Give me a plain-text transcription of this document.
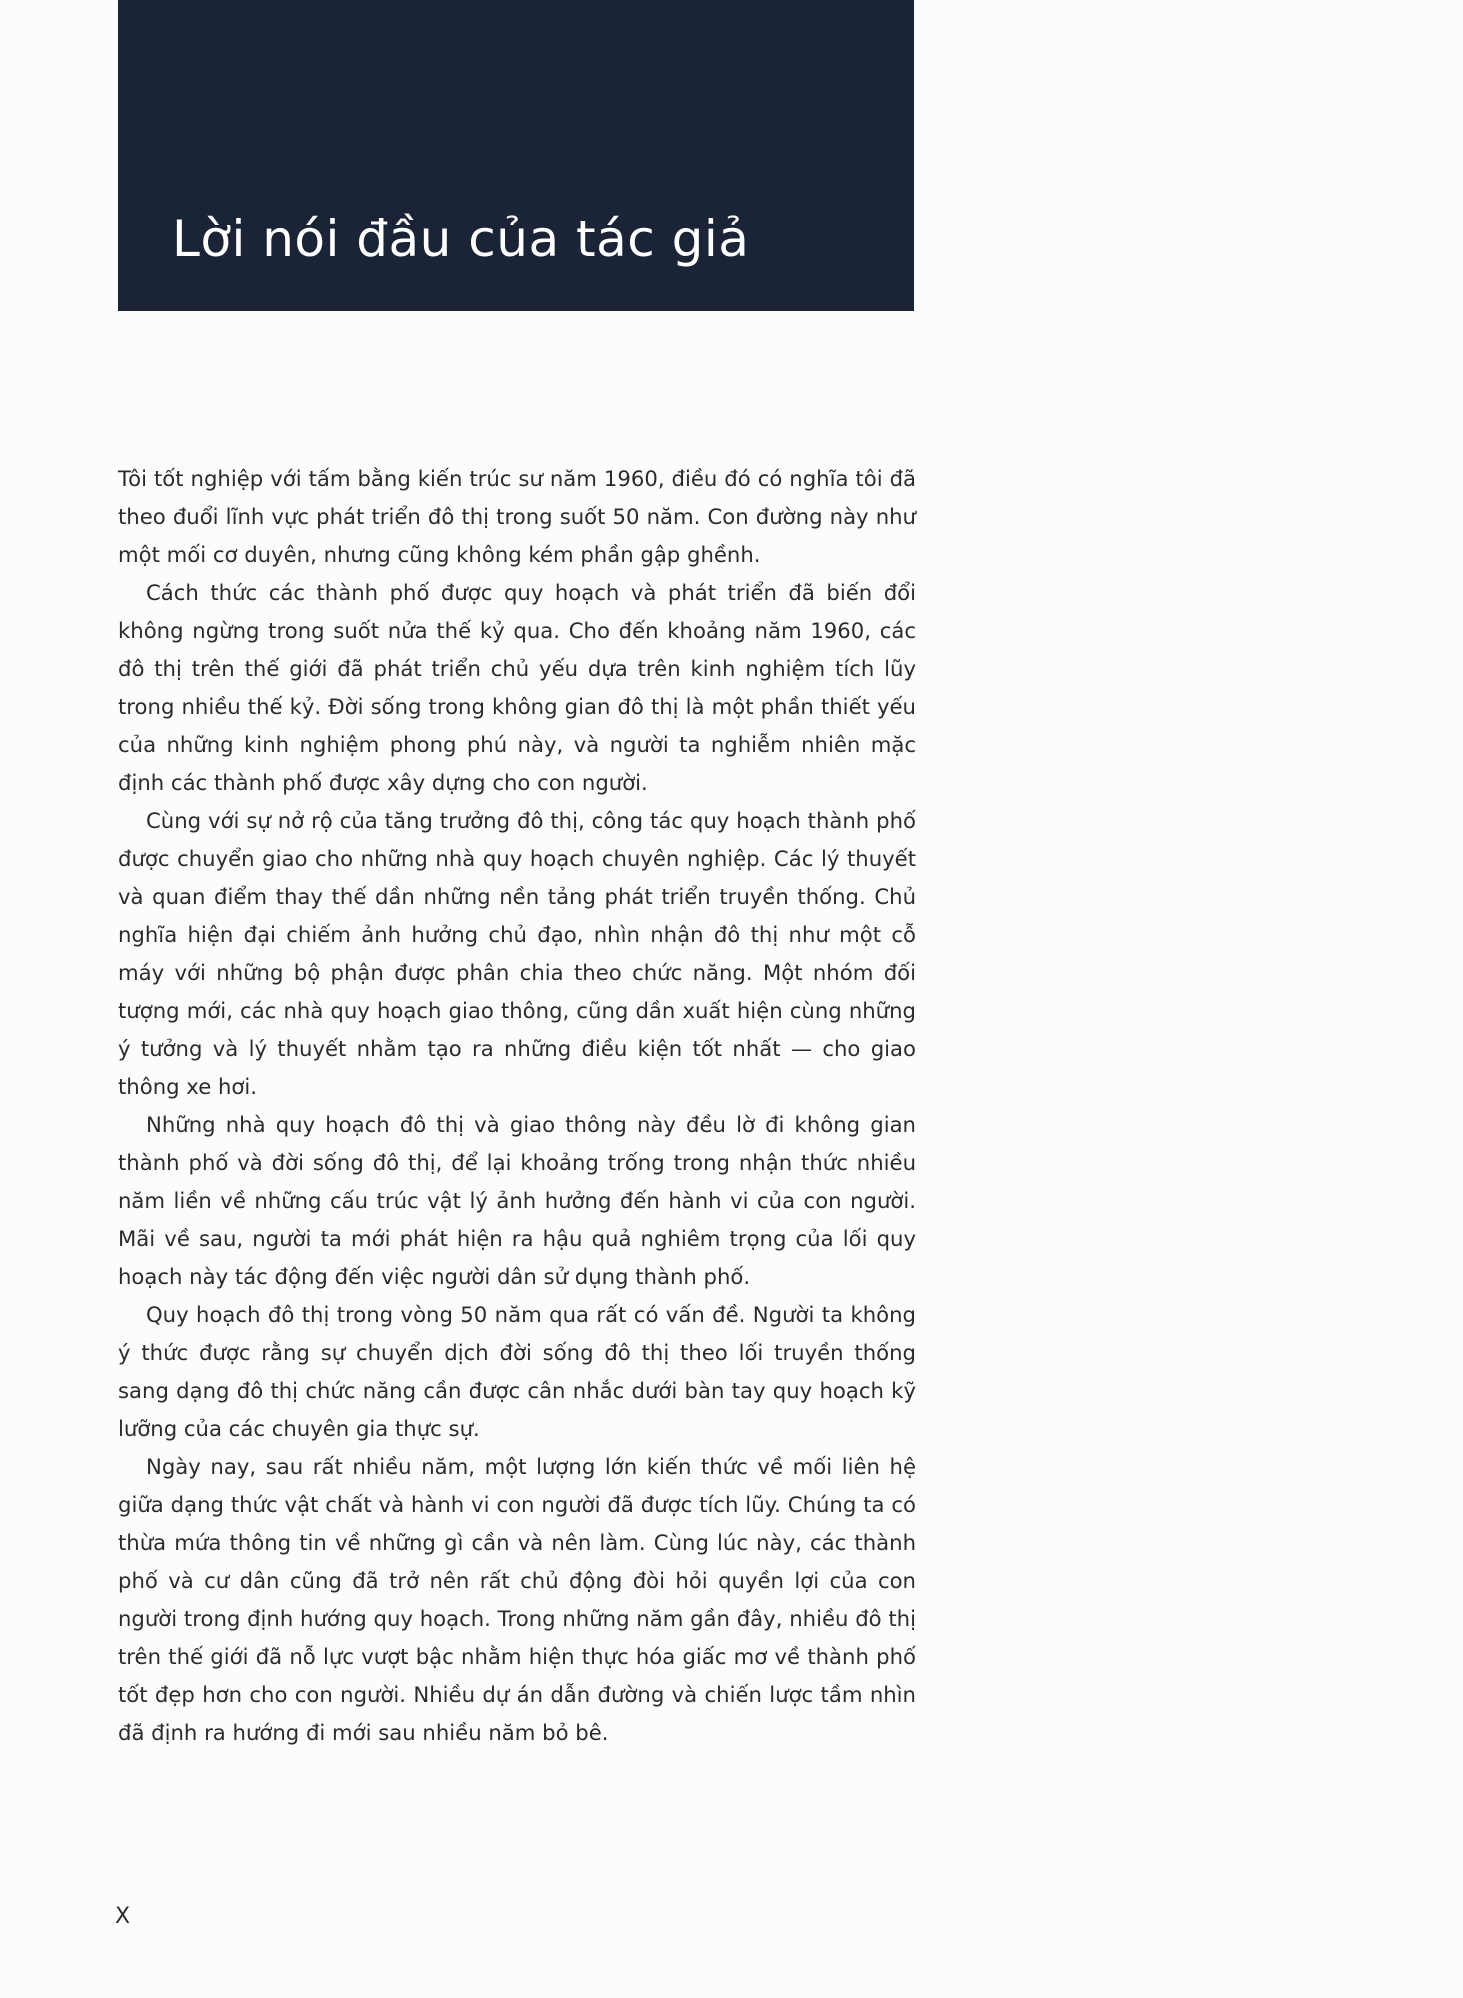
Lời nói đầu của tác giả

Tôi tốt nghiệp với tấm bằng kiến trúc sư năm 1960, điều đó có nghĩa tôi đã theo đuổi lĩnh vực phát triển đô thị trong suốt 50 năm. Con đường này như một mối cơ duyên, nhưng cũng không kém phần gập ghềnh.

Cách thức các thành phố được quy hoạch và phát triển đã biến đổi không ngừng trong suốt nửa thế kỷ qua. Cho đến khoảng năm 1960, các đô thị trên thế giới đã phát triển chủ yếu dựa trên kinh nghiệm tích lũy trong nhiều thế kỷ. Đời sống trong không gian đô thị là một phần thiết yếu của những kinh nghiệm phong phú này, và người ta nghiễm nhiên mặc định các thành phố được xây dựng cho con người.

Cùng với sự nở rộ của tăng trưởng đô thị, công tác quy hoạch thành phố được chuyển giao cho những nhà quy hoạch chuyên nghiệp. Các lý thuyết và quan điểm thay thế dần những nền tảng phát triển truyền thống. Chủ nghĩa hiện đại chiếm ảnh hưởng chủ đạo, nhìn nhận đô thị như một cỗ máy với những bộ phận được phân chia theo chức năng. Một nhóm đối tượng mới, các nhà quy hoạch giao thông, cũng dần xuất hiện cùng những ý tưởng và lý thuyết nhằm tạo ra những điều kiện tốt nhất — cho giao thông xe hơi.

Những nhà quy hoạch đô thị và giao thông này đều lờ đi không gian thành phố và đời sống đô thị, để lại khoảng trống trong nhận thức nhiều năm liền về những cấu trúc vật lý ảnh hưởng đến hành vi của con người. Mãi về sau, người ta mới phát hiện ra hậu quả nghiêm trọng của lối quy hoạch này tác động đến việc người dân sử dụng thành phố.

Quy hoạch đô thị trong vòng 50 năm qua rất có vấn đề. Người ta không ý thức được rằng sự chuyển dịch đời sống đô thị theo lối truyền thống sang dạng đô thị chức năng cần được cân nhắc dưới bàn tay quy hoạch kỹ lưỡng của các chuyên gia thực sự.

Ngày nay, sau rất nhiều năm, một lượng lớn kiến thức về mối liên hệ giữa dạng thức vật chất và hành vi con người đã được tích lũy. Chúng ta có thừa mứa thông tin về những gì cần và nên làm. Cùng lúc này, các thành phố và cư dân cũng đã trở nên rất chủ động đòi hỏi quyền lợi của con người trong định hướng quy hoạch. Trong những năm gần đây, nhiều đô thị trên thế giới đã nỗ lực vượt bậc nhằm hiện thực hóa giấc mơ về thành phố tốt đẹp hơn cho con người. Nhiều dự án dẫn đường và chiến lược tầm nhìn đã định ra hướng đi mới sau nhiều năm bỏ bê.

X
